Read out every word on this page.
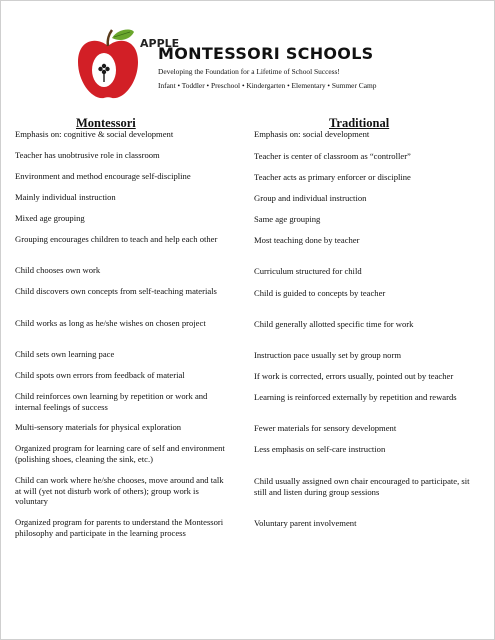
APPLE
MONTESSORI SCHOOLS
Developing the Foundation for a Lifetime of School Success!
Infant • Toddler • Preschool • Kindergarten • Elementary • Summer Camp
Montessori	Traditional
Emphasis on: cognitive & social development
Teacher has unobtrusive role in classroom
Environment and method encourage self-discipline
Mainly individual instruction
Mixed age grouping
Grouping encourages children to teach and help each other
Child chooses own work
Child discovers own concepts from self-teaching materials
Child works as long as he/she wishes on chosen project
Child sets own learning pace
Child spots own errors from feedback of material
Child reinforces own learning by repetition or work and internal feelings of success
Multi-sensory materials for physical exploration
Organized program for learning care of self and environment (polishing shoes, cleaning the sink, etc.)
Child can work where he/she chooses, move around and talk at will (yet not disturb work of others); group work is voluntary
Organized program for parents to understand the Montessori philosophy and participate in the learning process
Emphasis on: social development
Teacher is center of classroom as “controller”
Teacher acts as primary enforcer or discipline
Group and individual instruction
Same age grouping
Most teaching done by teacher
Curriculum structured for child
Child is guided to concepts by teacher
Child generally allotted specific time for work
Instruction pace usually set by group norm
If work is corrected, errors usually, pointed out by teacher
Learning is reinforced externally by repetition and rewards
Fewer materials for sensory development
Less emphasis on self-care instruction
Child usually assigned own chair encouraged to participate, sit still and listen during group sessions
Voluntary parent involvement
